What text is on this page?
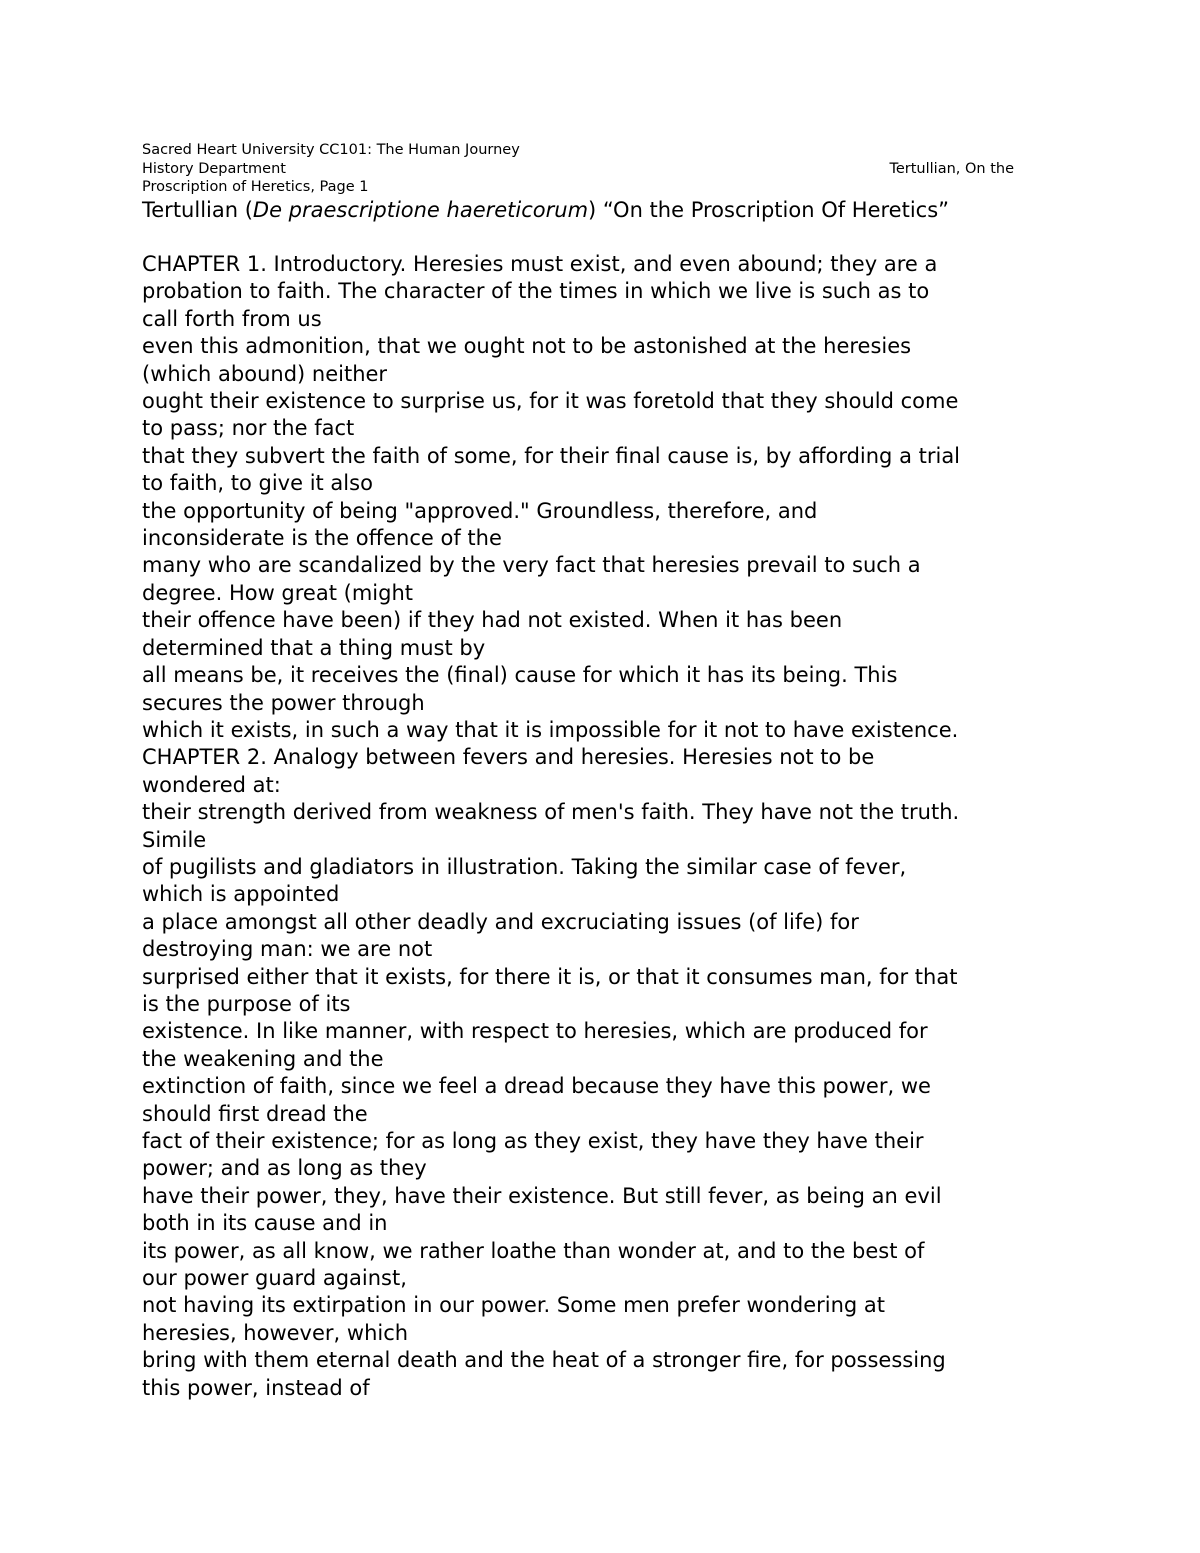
Sacred Heart University CC101: The Human Journey
History Department	Tertullian, On the
Proscription of Heretics, Page 1
Tertullian (De praescriptione haereticorum) “On the Proscription Of Heretics”
CHAPTER 1. Introductory. Heresies must exist, and even abound; they are a
probation to faith. The character of the times in which we live is such as to
call forth from us
even this admonition, that we ought not to be astonished at the heresies
(which abound) neither
ought their existence to surprise us, for it was foretold that they should come
to pass; nor the fact
that they subvert the faith of some, for their final cause is, by affording a trial
to faith, to give it also
the opportunity of being "approved." Groundless, therefore, and
inconsiderate is the offence of the
many who are scandalized by the very fact that heresies prevail to such a
degree. How great (might
their offence have been) if they had not existed. When it has been
determined that a thing must by
all means be, it receives the (final) cause for which it has its being. This
secures the power through
which it exists, in such a way that it is impossible for it not to have existence.
CHAPTER 2. Analogy between fevers and heresies. Heresies not to be
wondered at:
their strength derived from weakness of men's faith. They have not the truth.
Simile
of pugilists and gladiators in illustration. Taking the similar case of fever,
which is appointed
a place amongst all other deadly and excruciating issues (of life) for
destroying man: we are not
surprised either that it exists, for there it is, or that it consumes man, for that
is the purpose of its
existence. In like manner, with respect to heresies, which are produced for
the weakening and the
extinction of faith, since we feel a dread because they have this power, we
should first dread the
fact of their existence; for as long as they exist, they have they have their
power; and as long as they
have their power, they, have their existence. But still fever, as being an evil
both in its cause and in
its power, as all know, we rather loathe than wonder at, and to the best of
our power guard against,
not having its extirpation in our power. Some men prefer wondering at
heresies, however, which
bring with them eternal death and the heat of a stronger fire, for possessing
this power, instead of
